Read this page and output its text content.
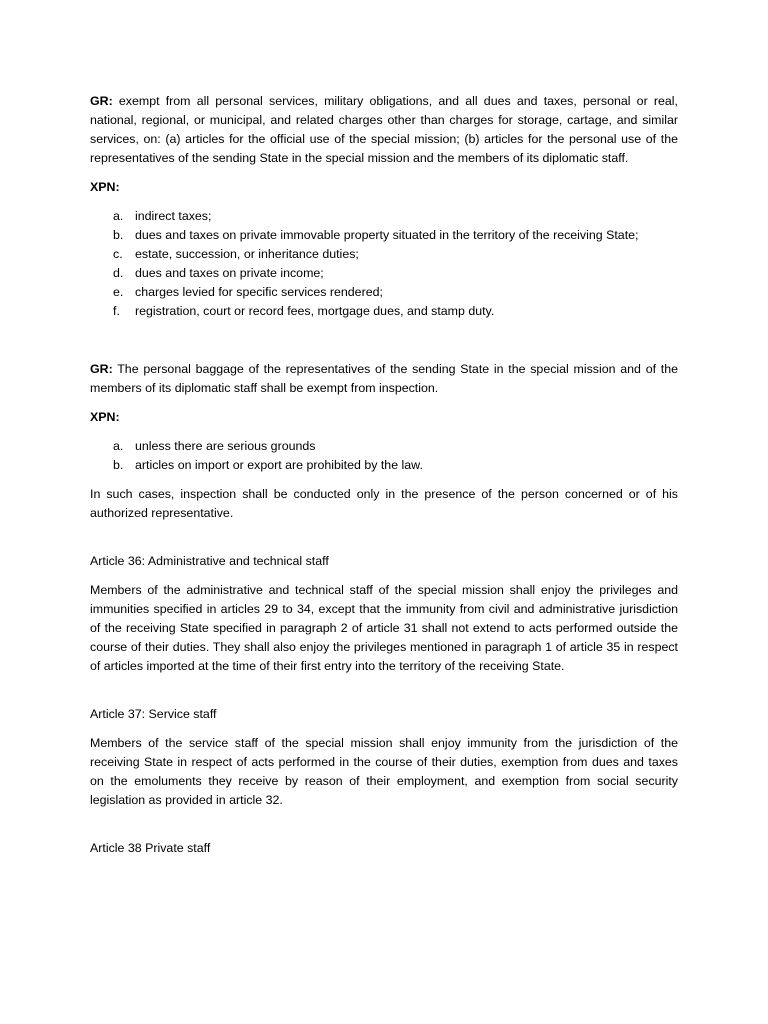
GR: exempt from all personal services, military obligations, and all dues and taxes, personal or real, national, regional, or municipal, and related charges other than charges for storage, cartage, and similar services, on: (a) articles for the official use of the special mission; (b) articles for the personal use of the representatives of the sending State in the special mission and the members of its diplomatic staff.

XPN:

a. indirect taxes;
b. dues and taxes on private immovable property situated in the territory of the receiving State;
c. estate, succession, or inheritance duties;
d. dues and taxes on private income;
e. charges levied for specific services rendered;
f.	registration, court or record fees, mortgage dues, and stamp duty.

GR: The personal baggage of the representatives of the sending State in the special mission and of the members of its diplomatic staff shall be exempt from inspection.

XPN:

a. unless there are serious grounds
b. articles on import or export are prohibited by the law.

In such cases, inspection shall be conducted only in the presence of the person concerned or of his authorized representative.

Article 36: Administrative and technical staff

Members of the administrative and technical staff of the special mission shall enjoy the privileges and immunities specified in articles 29 to 34, except that the immunity from civil and administrative jurisdiction of the receiving State specified in paragraph 2 of article 31 shall not extend to acts performed outside the course of their duties. They shall also enjoy the privileges mentioned in paragraph 1 of article 35 in respect of articles imported at the time of their first entry into the territory of the receiving State.

Article 37: Service staff

Members of the service staff of the special mission shall enjoy immunity from the jurisdiction of the receiving State in respect of acts performed in the course of their duties, exemption from dues and taxes on the emoluments they receive by reason of their employment, and exemption from social security legislation as provided in article 32.

Article 38 Private staff
